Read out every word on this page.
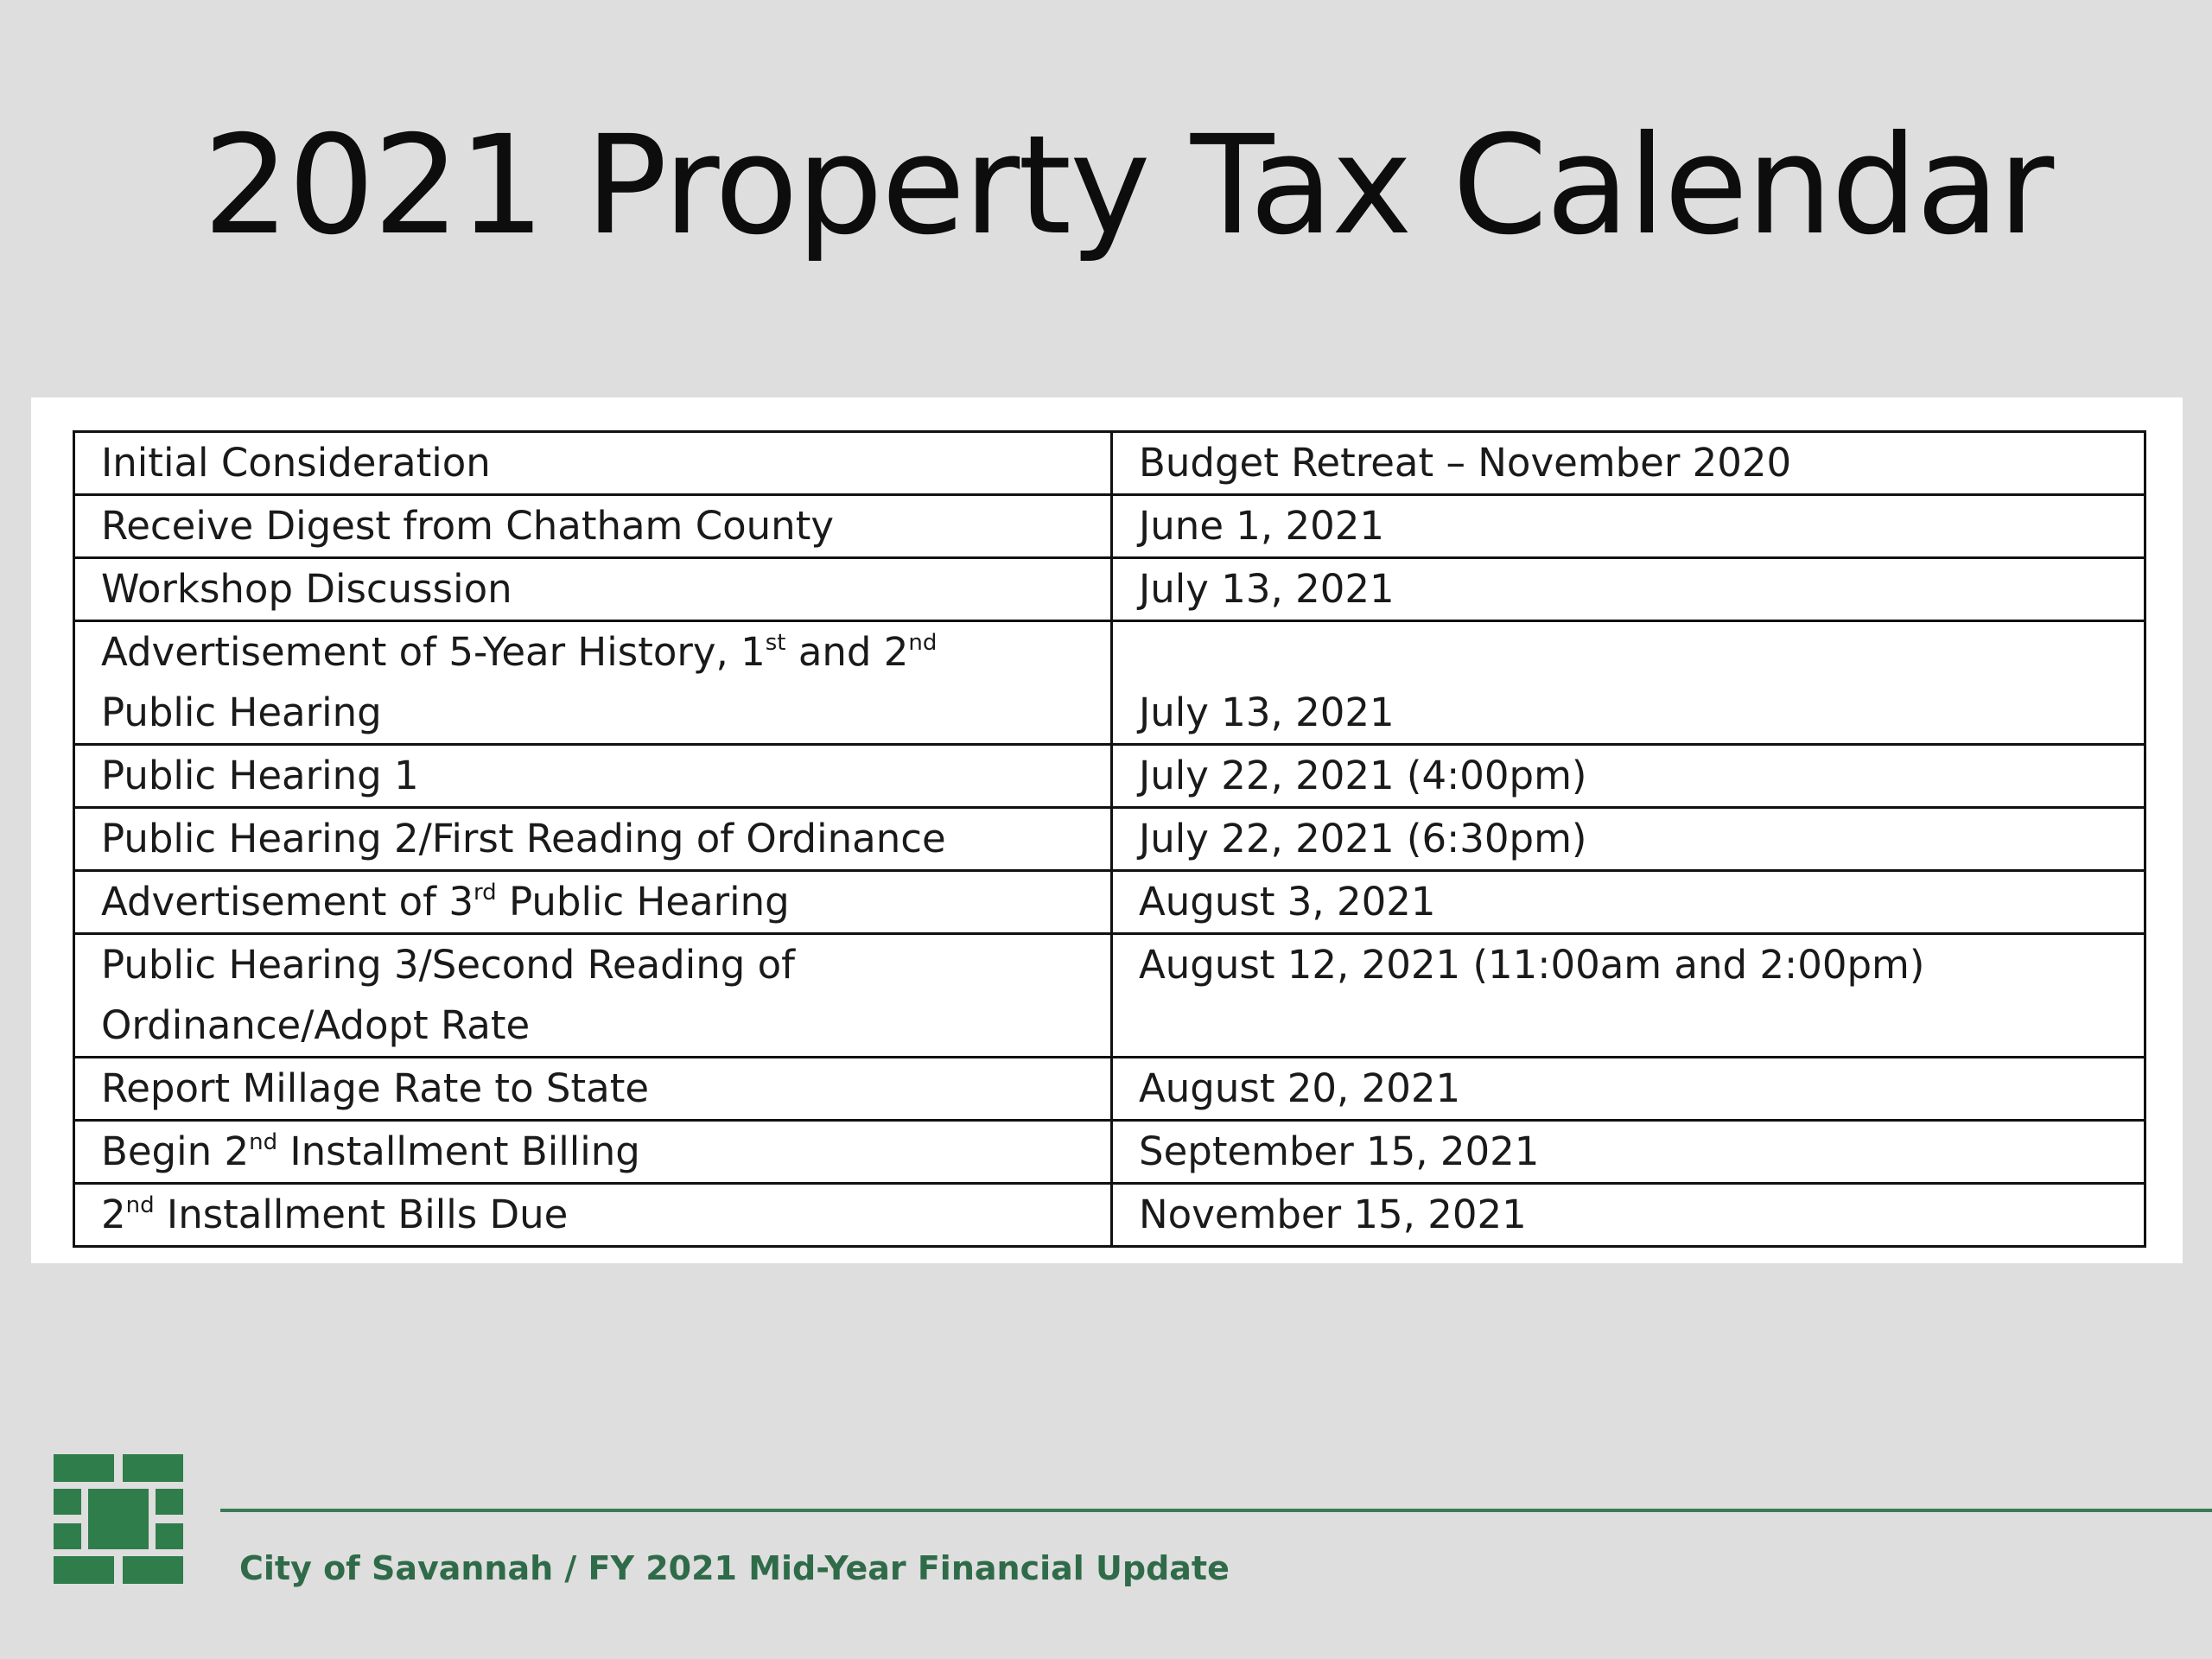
2021 Property Tax Calendar
Initial Consideration	Budget Retreat – November 2020
Receive Digest from Chatham County	June 1, 2021
Workshop Discussion	July 13, 2021

Advertisement of 5-Year History, 1st and 2nd
Public Hearing	July 13, 2021
Public Hearing 1	July 22, 2021 (4:00pm)
Public Hearing 2/First Reading of Ordinance	July 22, 2021 (6:30pm)
Advertisement of 3rd Public Hearing	August 3, 2021

Public Hearing 3/Second Reading of
Ordinance/Adopt Rate	August 12, 2021 (11:00am and 2:00pm)
Report Millage Rate to State	August 20, 2021
Begin 2nd Installment Billing	September 15, 2021
2nd Installment Bills Due	November 15, 2021
City of Savannah / FY 2021 Mid-Year Financial Update
